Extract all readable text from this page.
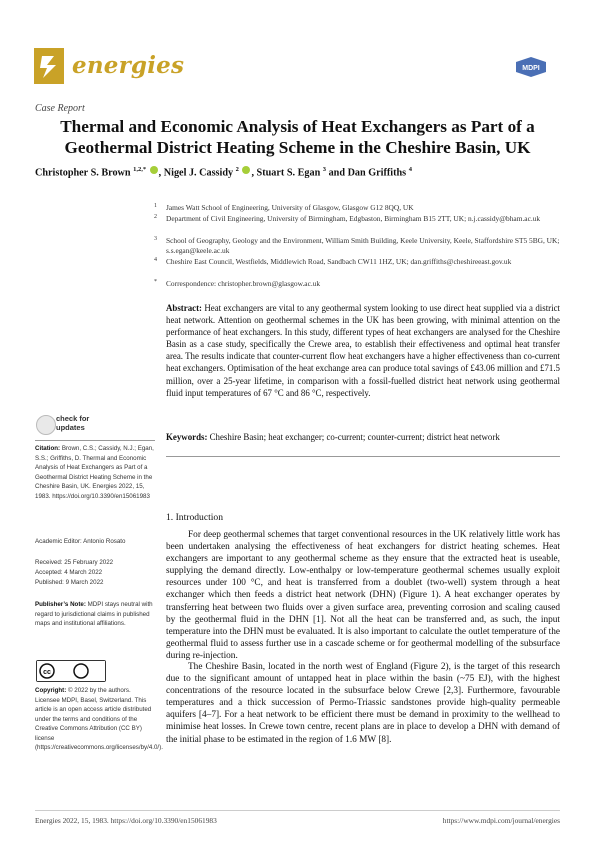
energies	MDPI
Case Report
Thermal and Economic Analysis of Heat Exchangers as Part of a Geothermal District Heating Scheme in the Cheshire Basin, UK
Christopher S. Brown $^{1,2,*}$ , Nigel J. Cassidy $^2$ , Stuart S. Egan $^3$ and Dan Griffiths $^4$
1 James Watt School of Engineering, University of Glasgow, Glasgow G12 8QQ, UK
2 Department of Civil Engineering, University of Birmingham, Edgbaston, Birmingham B15 2TT, UK; n.j.cassidy@bham.ac.uk
3 School of Geography, Geology and the Environment, William Smith Building, Keele University, Keele, Staffordshire ST5 5BG, UK; s.s.egan@keele.ac.uk
4 Cheshire East Council, Westfields, Middlewich Road, Sandbach CW11 1HZ, UK; dan.griffiths@cheshireeast.gov.uk
* Correspondence: christopher.brown@glasgow.ac.uk
Abstract: Heat exchangers are vital to any geothermal system looking to use direct heat supplied via a district heat network. Attention on geothermal schemes in the UK has been growing, with minimal attention on the performance of heat exchangers. In this study, different types of heat exchangers are analysed for the Cheshire Basin as a case study, specifically the Crewe area, to establish their effectiveness and optimal heat transfer area. The results indicate that counter-current flow heat exchangers have a higher effectiveness than co-current heat exchangers. Optimisation of the heat exchange area can produce total savings of £43.06 million and £71.5 million, over a 25-year lifetime, in comparison with a fossil-fuelled district heat network using geothermal fluid input temperatures of 67 °C and 86 °C, respectively.
Keywords: Cheshire Basin; heat exchanger; co-current; counter-current; district heat network
check for
updates
Citation: Brown, C.S.; Cassidy, N.J.; Egan, S.S.; Griffiths, D. Thermal and Economic Analysis of Heat Exchangers as Part of a Geothermal District Heating Scheme in the Cheshire Basin, UK. Energies 2022, 15, 1983. https://doi.org/10.3390/en15061983
Academic Editor: Antonio Rosato
Received: 25 February 2022
Accepted: 4 March 2022
Published: 9 March 2022
Publisher’s Note: MDPI stays neutral with regard to jurisdictional claims in published maps and institutional affiliations.
cc
Copyright: © 2022 by the authors. Licensee MDPI, Basel, Switzerland. This article is an open access article distributed under the terms and conditions of the Creative Commons Attribution (CC BY) license (https://creativecommons.org/licenses/by/4.0/).
1. Introduction

For deep geothermal schemes that target conventional resources in the UK relatively little work has been undertaken analysing the effectiveness of heat exchangers for district heating schemes. Heat exchangers are important to any geothermal scheme as they ensure that the extracted heat is useable, supplying the demand directly. Low-enthalpy or low-temperature geothermal schemes usually exploit resources under 100 °C, and heat is transferred from a doublet (two-well) system through a heat exchanger which then feeds a district heat network (DHN) (Figure 1). A heat exchanger operates by transferring heat between two fluids over a given surface area, preventing corrosion and scaling caused by the geothermal fluid in the DHN [1]. Not all the heat can be transferred and, as such, the input temperature into the DHN must be evaluated. It is also important to calculate the outlet temperature of the geothermal fluid to assess further use in a cascade scheme or for geothermal modelling of the subsurface during re-injection.

The Cheshire Basin, located in the north west of England (Figure 2), is the target of this research due to the significant amount of untapped heat in place within the basin (~75 EJ), with the highest concentrations of the resource located in the subsurface below Crewe [2,3]. Furthermore, favourable temperatures and a thick succession of Permo-Triassic sandstones provide high-quality permeable aquifers [4–7]. For a heat network to be efficient there must be demand in proximity to the wellhead to minimise heat losses. In Crewe town centre, recent plans are in place to develop a DHN with demand of the initial phase to be estimated in the region of 1.6 MW [8].

Energies 2022, 15, 1983. https://doi.org/10.3390/en15061983	https://www.mdpi.com/journal/energies
